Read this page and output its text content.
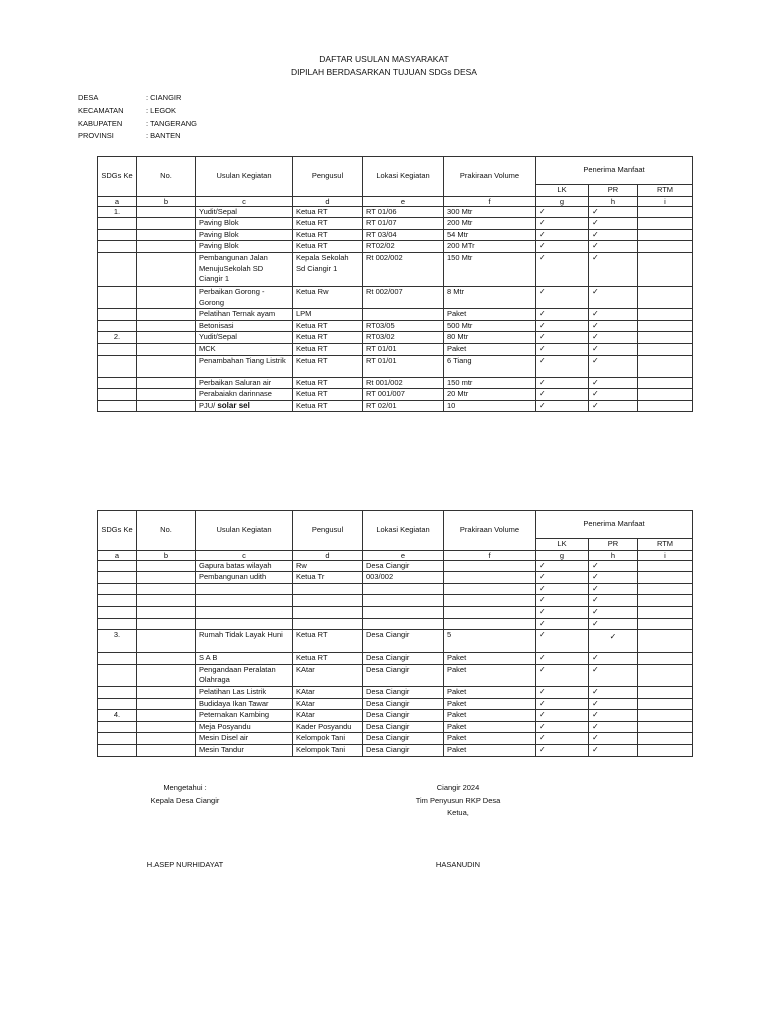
DAFTAR USULAN MASYARAKAT
DIPILAH BERDASARKAN TUJUAN SDGs DESA
DESA	: CIANGIR
KECAMATAN	: LEGOK
KABUPATEN	: TANGERANG
PROVINSI	: BANTEN
SDGs Ke	No.	Usulan Kegiatan	Pengusul	Lokasi Kegiatan	Prakiraan Volume	Penerima Manfaat		
						LK	PR	RTM
a	b	c	d	e	f	g	h	i
1.		Yudit/Sepal	Ketua RT	RT 01/06	300 Mtr	✓	✓	
		Paving Blok	Ketua RT	RT 01/07	200 Mtr	✓	✓	
		Paving Blok	Ketua RT	RT 03/04	54 Mtr	✓	✓	
		Paving Blok	Ketua RT	RT02/02	200 MTr	✓	✓	
		Pembangunan Jalan MenujuSekolah SD Ciangir 1	Kepala Sekolah Sd Ciangir 1	Rt 002/002	150 Mtr	✓	✓	
		Perbaikan Gorong - Gorong	Ketua Rw	Rt 002/007	8 Mtr	✓	✓	
		Pelatihan Ternak ayam	LPM		Paket	✓	✓	
		Betonisasi	Ketua RT	RT03/05	500 Mtr	✓	✓	
2.		Yudit/Sepal	Ketua RT	RT03/02	80 Mtr	✓	✓	
		MCK	Ketua RT	RT 01/01	Paket	✓	✓	
		Penambahan Tiang Listrik	Ketua RT	RT 01/01	6 Tiang	✓	✓	
		Perbaikan Saluran air	Ketua RT	Rt 001/002	150 mtr	✓	✓	
		Perabaiakn darinnase	Ketua RT	RT 001/007	20 Mtr	✓	✓	
		PJU/ solar sel	Ketua RT	RT 02/01	10	✓	✓	
SDGs Ke	No.	Usulan Kegiatan	Pengusul	Lokasi Kegiatan	Prakiraan Volume	Penerima Manfaat		
						LK	PR	RTM
a	b	c	d	e	f	g	h	i
		Gapura batas wilayah	Rw	Desa Ciangir		✓	✓	
		Pembangunan udith	Ketua Tr	003/002		✓	✓	
						✓	✓	
						✓	✓	
						✓	✓	
						✓	✓	
3.		Rumah Tidak Layak Huni	Ketua RT	Desa Ciangir	5	✓	✓	

		S A B	Ketua RT	Desa Ciangir	Paket	✓	✓	
		Pengandaan Peralatan Olahraga	KAtar	Desa Ciangir	Paket	✓	✓	
		Pelatihan Las Listrik	KAtar	Desa Ciangir	Paket	✓	✓	
		Budidaya Ikan Tawar	KAtar	Desa Ciangir	Paket	✓	✓	
4.		Peternakan Kambing	KAtar	Desa Ciangir	Paket	✓	✓	
		Meja Posyandu	Kader Posyandu	Desa Ciangir	Paket	✓	✓	
		Mesin Disel air	Kelompok Tani	Desa Ciangir	Paket	✓	✓	
		Mesin Tandur	Kelompok Tani	Desa Ciangir	Paket	✓	✓	
Mengetahui :
Kepala Desa Ciangir
H.ASEP NURHIDAYAT
Ciangir 2024
Tim Penyusun RKP Desa
Ketua,
HASANUDIN
